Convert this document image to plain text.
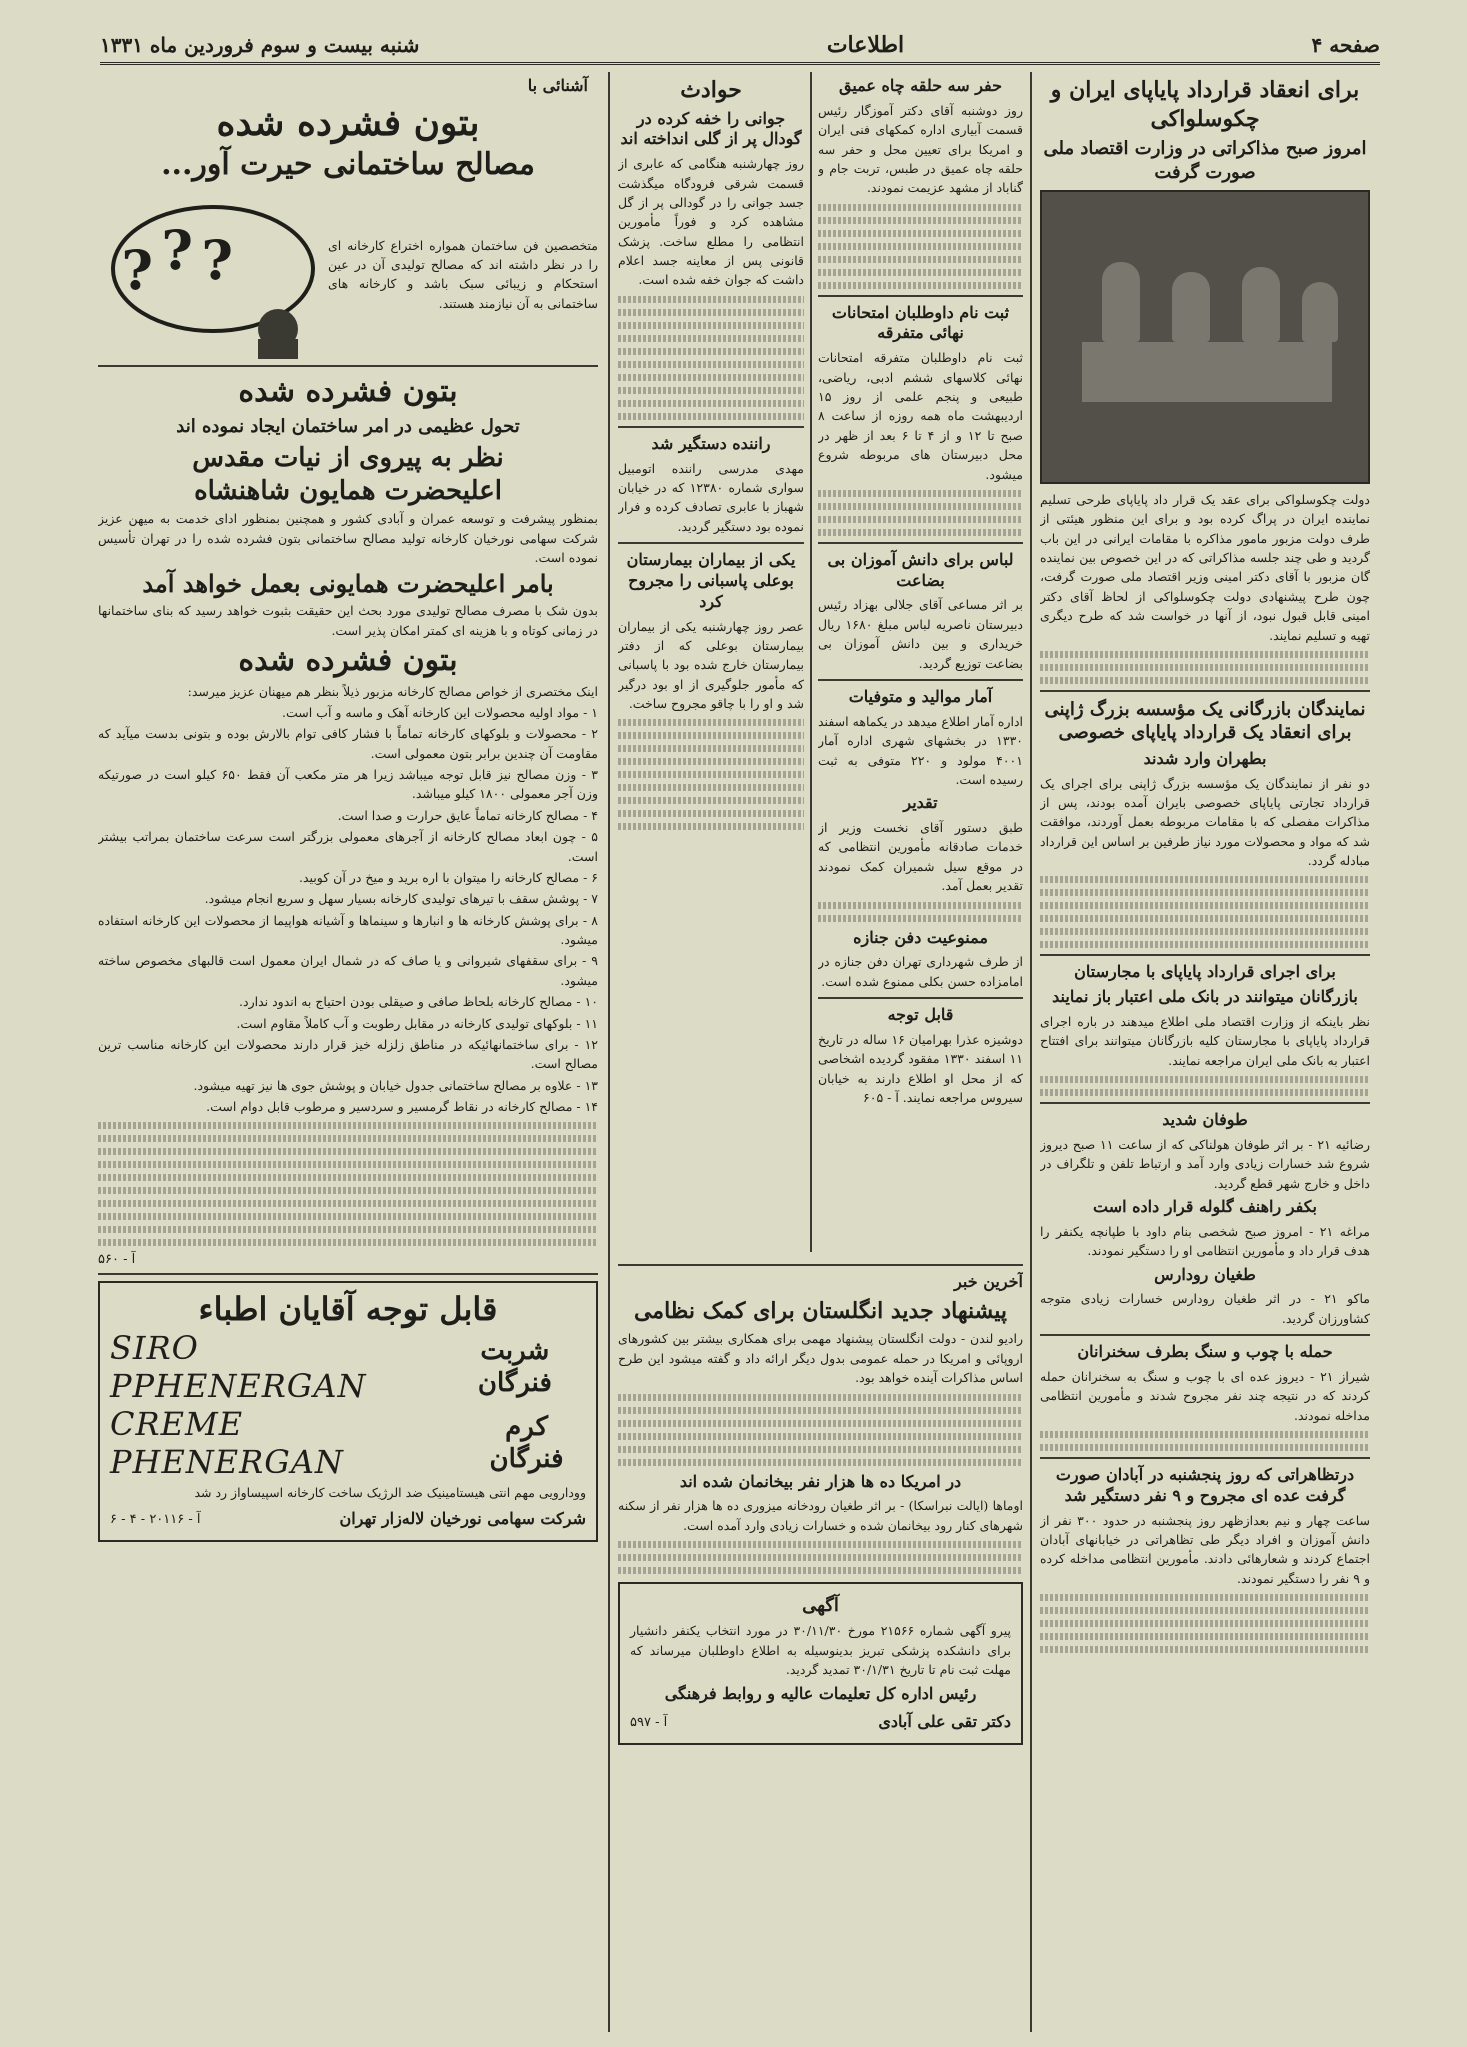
صفحه ۴
اطلاعات
شنبه بیست و سوم فروردین ماه ۱۳۳۱
برای انعقاد قرارداد پایاپای ایران و چکوسلواکی
امروز صبح مذاکراتی در وزارت اقتصاد ملی صورت گرفت
دولت چکوسلواکی برای عقد یک قرار داد پایاپای طرحی تسلیم نماینده ایران در پراگ کرده بود و برای این منظور هیئتی از طرف دولت مزبور مامور مذاکره با مقامات ایرانی در این باب گردید و طی چند جلسه مذاکراتی که در این خصوص بین نماینده گان مزبور با آقای دکتر امینی وزیر اقتصاد ملی صورت گرفت، چون طرح پیشنهادی دولت چکوسلواکی از لحاظ آقای دکتر امینی قابل قبول نبود، از آنها در خواست شد که طرح دیگری تهیه و تسلیم نمایند.
نمایندگان بازرگانی یک مؤسسه بزرگ ژاپنی برای انعقاد یک قرارداد پایاپای خصوصی
بطهران وارد شدند
دو نفر از نمایندگان یک مؤسسه بزرگ ژاپنی برای اجرای یک قرارداد تجارتی پایاپای خصوصی بایران آمده بودند، پس از مذاکرات مفصلی که با مقامات مربوطه بعمل آوردند، موافقت شد که مواد و محصولات مورد نیاز طرفین بر اساس این قرارداد مبادله گردد.
برای اجرای قرارداد پایاپای با مجارستان
بازرگانان میتوانند در بانک ملی اعتبار باز نمایند
نظر باینکه از وزارت اقتصاد ملی اطلاع میدهند در باره اجرای قرارداد پایاپای با مجارستان کلیه بازرگانان میتوانند برای افتتاح اعتبار به بانک ملی ایران مراجعه نمایند.
طوفان شدید
رضائیه ۲۱ - بر اثر طوفان هولناکی که از ساعت ۱۱ صبح دیروز شروع شد خسارات زیادی وارد آمد و ارتباط تلفن و تلگراف در داخل و خارج شهر قطع گردید.
بکفر راهنف گلوله قرار داده است
مراغه ۲۱ - امروز صبح شخصی بنام داود با طپانچه یکنفر را هدف قرار داد و مأمورین انتظامی او را دستگیر نمودند.
طغیان رودارس
ماکو ۲۱ - در اثر طغیان رودارس خسارات زیادی متوجه کشاورزان گردید.
حمله با چوب و سنگ بطرف سخنرانان
شیراز ۲۱ - دیروز عده ای با چوب و سنگ به سخنرانان حمله کردند که در نتیجه چند نفر مجروح شدند و مأمورین انتظامی مداخله نمودند.
درتظاهراتی که روز پنجشنبه در آبادان صورت گرفت عده ای مجروح و ۹ نفر دستگیر شد
ساعت چهار و نیم بعدازظهر روز پنجشنبه در حدود ۳۰۰ نفر از دانش آموزان و افراد دیگر طی تظاهراتی در خیابانهای آبادان اجتماع کردند و شعارهائی دادند. مأمورین انتظامی مداخله کرده و ۹ نفر را دستگیر نمودند.
حفر سه حلقه چاه عمیق
روز دوشنبه آقای دکتر آموزگار رئیس قسمت آبیاری اداره کمکهای فنی ایران و امریکا برای تعیین محل و حفر سه حلقه چاه عمیق در طبس، تربت جام و گناباد از مشهد عزیمت نمودند.
ثبت نام داوطلبان امتحانات نهائی متفرقه
ثبت نام داوطلبان متفرقه امتحانات نهائی کلاسهای ششم ادبی، ریاضی، طبیعی و پنجم علمی از روز ۱۵ اردیبهشت ماه همه روزه از ساعت ۸ صبح تا ۱۲ و از ۴ تا ۶ بعد از ظهر در محل دبیرستان های مربوطه شروع میشود.
لباس برای دانش آموزان بی بضاعت
بر اثر مساعی آقای جلالی بهزاد رئیس دبیرستان ناصریه لباس مبلغ ۱۶۸۰ ریال خریداری و بین دانش آموزان بی بضاعت توزیع گردید.
آمار موالید و متوفیات
اداره آمار اطلاع میدهد در یکماهه اسفند ۱۳۳۰ در بخشهای شهری اداره آمار ۴۰۰۱ مولود و ۲۲۰ متوفی به ثبت رسیده است.
تقدیر
طبق دستور آقای نخست وزیر از خدمات صادقانه مأمورین انتظامی که در موقع سیل شمیران کمک نمودند تقدیر بعمل آمد.
ممنوعیت دفن جنازه
از طرف شهرداری تهران دفن جنازه در امامزاده حسن بکلی ممنوع شده است.
قابل توجه
دوشیزه عذرا بهرامیان ۱۶ ساله در تاریخ ۱۱ اسفند ۱۳۳۰ مفقود گردیده اشخاصی که از محل او اطلاع دارند به خیابان سیروس مراجعه نمایند. آ - ۶۰۵
حوادث
جوانی را خفه کرده در گودال پر از گلی انداخته اند
روز چهارشنبه هنگامی که عابری از قسمت شرقی فرودگاه میگذشت جسد جوانی را در گودالی پر از گل مشاهده کرد و فوراً مأمورین انتظامی را مطلع ساخت. پزشک قانونی پس از معاینه جسد اعلام داشت که جوان خفه شده است.
راننده دستگیر شد
مهدی مدرسی راننده اتومبیل سواری شماره ۱۲۳۸۰ که در خیابان شهباز با عابری تصادف کرده و فرار نموده بود دستگیر گردید.
یکی از بیماران بیمارستان بوعلی پاسبانی را مجروح کرد
عصر روز چهارشنبه یکی از بیماران بیمارستان بوعلی که از دفتر بیمارستان خارج شده بود با پاسبانی که مأمور جلوگیری از او بود درگیر شد و او را با چاقو مجروح ساخت.
آخرین خبر
پیشنهاد جدید انگلستان برای کمک نظامی
رادیو لندن - دولت انگلستان پیشنهاد مهمی برای همکاری بیشتر بین کشورهای اروپائی و امریکا در حمله عمومی بدول دیگر ارائه داد و گفته میشود این طرح اساس مذاکرات آینده خواهد بود.
در امریکا ده ها هزار نفر بیخانمان شده اند
اوماها (ایالت نبراسکا) - بر اثر طغیان رودخانه میزوری ده ها هزار نفر از سکنه شهرهای کنار رود بیخانمان شده و خسارات زیادی وارد آمده است.
آگهی
پیرو آگهی شماره ۲۱۵۶۶ مورخ ۳۰/۱۱/۳۰ در مورد انتخاب یکنفر دانشیار برای دانشکده پزشکی تبریز بدینوسیله به اطلاع داوطلبان میرساند که مهلت ثبت نام تا تاریخ ۳۰/۱/۳۱ تمدید گردید.
رئیس اداره کل تعلیمات عالیه و روابط فرهنگی
دکتر تقی علی آبادی
آ - ۵۹۷
آشنائی با
بتون فشرده شده
مصالح ساختمانی حیرت آور...
متخصصین فن ساختمان همواره اختراع کارخانه ای را در نظر داشته اند که مصالح تولیدی آن در عین استحکام و زیبائی سبک باشد و کارخانه های ساختمانی به آن نیازمند هستند.
? ? ?
بتون فشرده شده
تحول عظیمی در امر ساختمان ایجاد نموده اند
نظر به پیروی از نیات مقدس
اعلیحضرت همایون شاهنشاه
بمنظور پیشرفت و توسعه عمران و آبادی کشور و همچنین بمنظور ادای خدمت به میهن عزیز شرکت سهامی نورخیان کارخانه تولید مصالح ساختمانی بتون فشرده شده را در تهران تأسیس نموده است.
بامر اعلیحضرت همایونی بعمل خواهد آمد
بدون شک با مصرف مصالح تولیدی مورد بحث این حقیقت بثبوت خواهد رسید که بنای ساختمانها در زمانی کوتاه و با هزینه ای کمتر امکان پذیر است.
بتون فشرده شده
اینک مختصری از خواص مصالح کارخانه مزبور ذیلاً بنظر هم میهنان عزیز میرسد:
۱ - مواد اولیه محصولات این کارخانه آهک و ماسه و آب است.
۲ - محصولات و بلوکهای کارخانه تماماً با فشار کافی توام بالارش بوده و بتونی بدست میآید که مقاومت آن چندین برابر بتون معمولی است.
۳ - وزن مصالح نیز قابل توجه میباشد زیرا هر متر مکعب آن فقط ۶۵۰ کیلو است در صورتیکه وزن آجر معمولی ۱۸۰۰ کیلو میباشد.
۴ - مصالح کارخانه تماماً عایق حرارت و صدا است.
۵ - چون ابعاد مصالح کارخانه از آجرهای معمولی بزرگتر است سرعت ساختمان بمراتب بیشتر است.
۶ - مصالح کارخانه را میتوان با اره برید و میخ در آن کوبید.
۷ - پوشش سقف با تیرهای تولیدی کارخانه بسیار سهل و سریع انجام میشود.
۸ - برای پوشش کارخانه ها و انبارها و سینماها و آشیانه هواپیما از محصولات این کارخانه استفاده میشود.
۹ - برای سقفهای شیروانی و یا صاف که در شمال ایران معمول است قالبهای مخصوص ساخته میشود.
۱۰ - مصالح کارخانه بلحاظ صافی و صیقلی بودن احتیاج به اندود ندارد.
۱۱ - بلوکهای تولیدی کارخانه در مقابل رطوبت و آب کاملاً مقاوم است.
۱۲ - برای ساختمانهائیکه در مناطق زلزله خیز قرار دارند محصولات این کارخانه مناسب ترین مصالح است.
۱۳ - علاوه بر مصالح ساختمانی جدول خیابان و پوشش جوی ها نیز تهیه میشود.
۱۴ - مصالح کارخانه در نقاط گرمسیر و سردسیر و مرطوب قابل دوام است.
آ - ۵۶۰
قابل توجه آقایان اطباء
شربت فنرگان
SIRO PPHENERGAN
کرم فنرگان
CREME PHENERGAN
وودارویی مهم انتی هیستامینیک ضد الرژیک ساخت کارخانه اسپیساواز رد شد
شرکت سهامی نورخیان لاله‌زار تهران
آ - ۲۰۱۱۶ - ۴ - ۶
